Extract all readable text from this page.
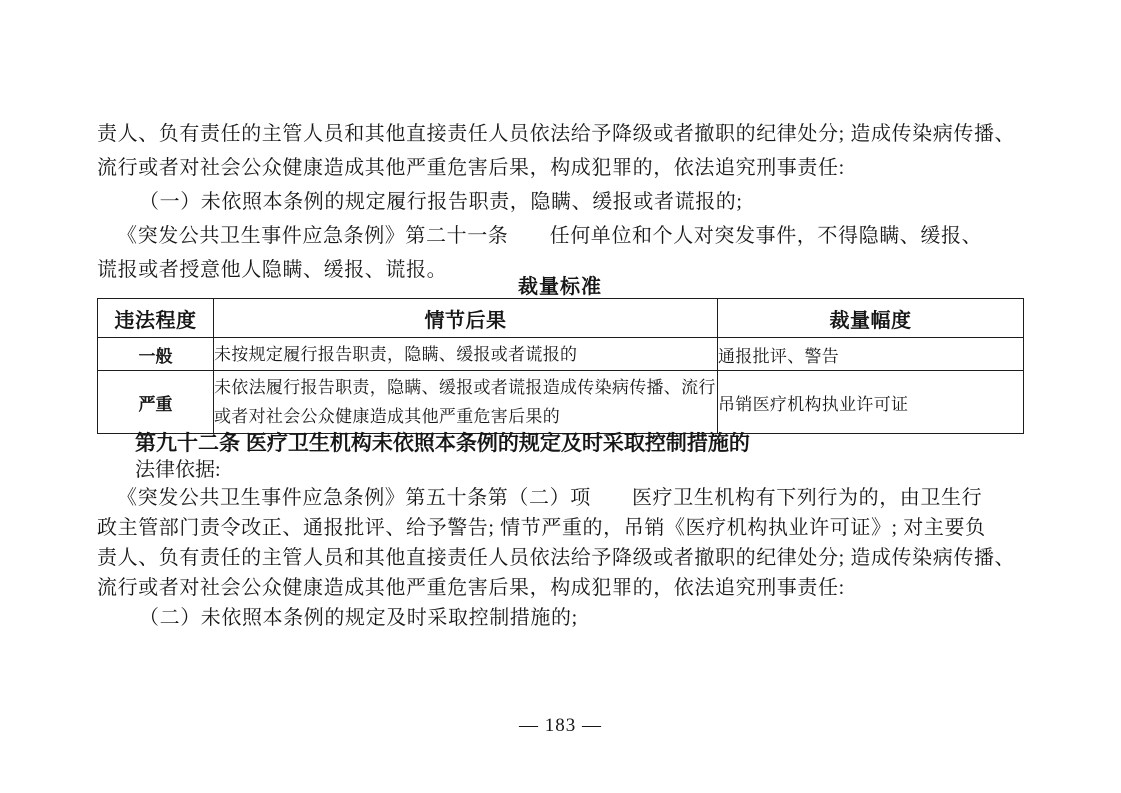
责人、负有责任的主管人员和其他直接责任人员依法给予降级或者撤职的纪律处分; 造成传染病传播、
流行或者对社会公众健康造成其他严重危害后果，构成犯罪的，依法追究刑事责任:
（一）未依照本条例的规定履行报告职责，隐瞒、缓报或者谎报的;
《突发公共卫生事件应急条例》第二十一条　　任何单位和个人对突发事件，不得隐瞒、缓报、
谎报或者授意他人隐瞒、缓报、谎报。
裁量标准
违法程度	情节后果	裁量幅度
一般	未按规定履行报告职责，隐瞒、缓报或者谎报的	通报批评、警告
严重	未依法履行报告职责，隐瞒、缓报或者谎报造成传染病传播、流行或者对社会公众健康造成其他严重危害后果的	吊销医疗机构执业许可证
第九十二条 医疗卫生机构未依照本条例的规定及时采取控制措施的
法律依据:
《突发公共卫生事件应急条例》第五十条第（二）项　　医疗卫生机构有下列行为的，由卫生行
政主管部门责令改正、通报批评、给予警告; 情节严重的，吊销《医疗机构执业许可证》; 对主要负
责人、负有责任的主管人员和其他直接责任人员依法给予降级或者撤职的纪律处分; 造成传染病传播、
流行或者对社会公众健康造成其他严重危害后果，构成犯罪的，依法追究刑事责任:
（二）未依照本条例的规定及时采取控制措施的;
— 183 —
